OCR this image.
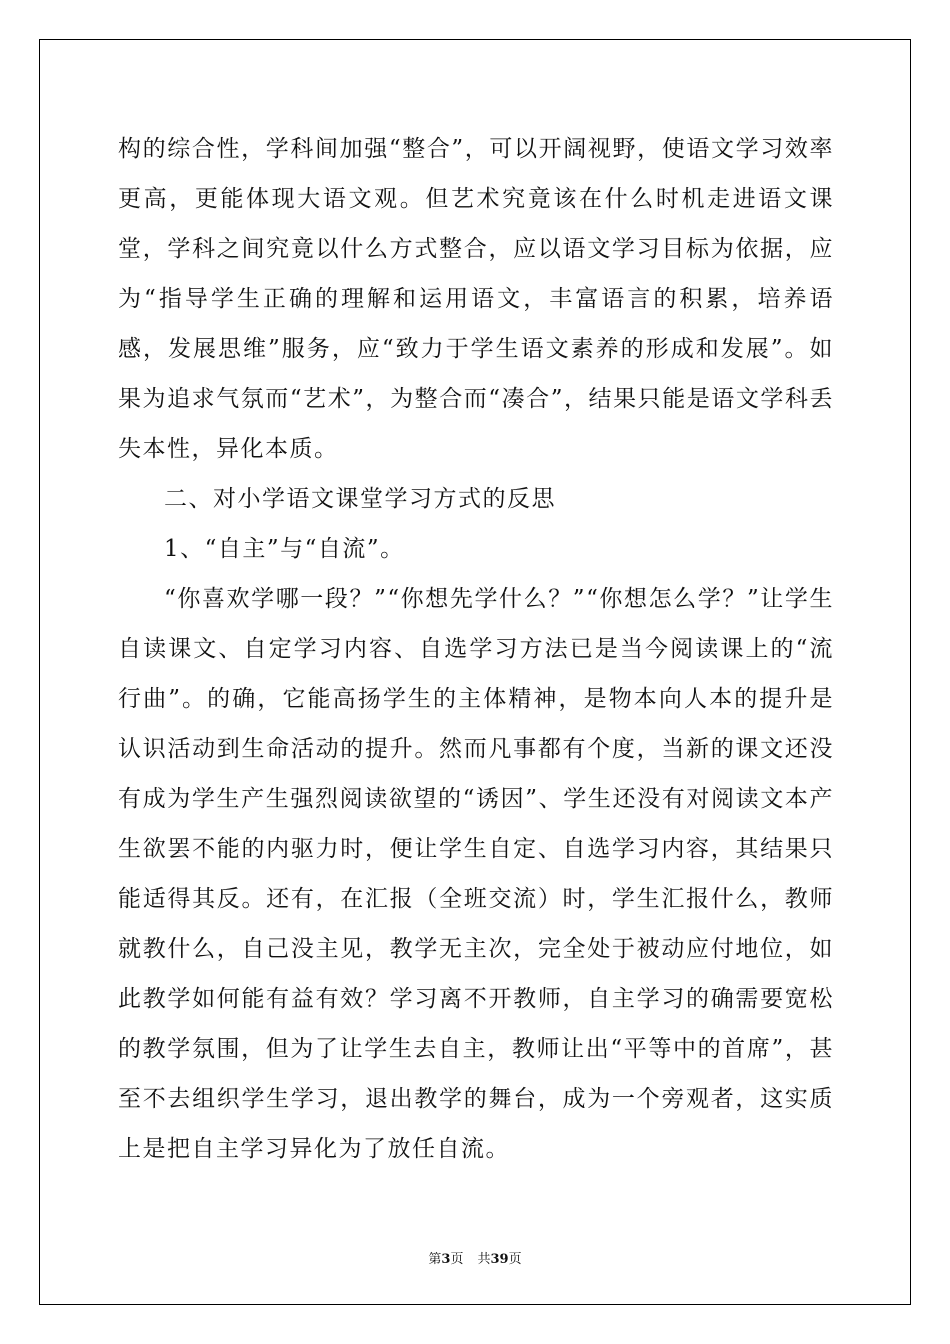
构的综合性，学科间加强“整合”，可以开阔视野，使语文学习效率更高，更能体现大语文观。但艺术究竟该在什么时机走进语文课堂，学科之间究竟以什么方式整合，应以语文学习目标为依据，应为“指导学生正确的理解和运用语文，丰富语言的积累，培养语感，发展思维”服务，应“致力于学生语文素养的形成和发展”。如果为追求气氛而“艺术”，为整合而“凑合”，结果只能是语文学科丢失本性，异化本质。

二、对小学语文课堂学习方式的反思

1、“自主”与“自流”。

“你喜欢学哪一段？”“你想先学什么？”“你想怎么学？”让学生自读课文、自定学习内容、自选学习方法已是当今阅读课上的“流行曲”。的确，它能高扬学生的主体精神，是物本向人本的提升是认识活动到生命活动的提升。然而凡事都有个度，当新的课文还没有成为学生产生强烈阅读欲望的“诱因”、学生还没有对阅读文本产生欲罢不能的内驱力时，便让学生自定、自选学习内容，其结果只能适得其反。还有，在汇报（全班交流）时，学生汇报什么，教师就教什么，自己没主见，教学无主次，完全处于被动应付地位，如此教学如何能有益有效？学习离不开教师，自主学习的确需要宽松的教学氛围，但为了让学生去自主，教师让出“平等中的首席”，甚至不去组织学生学习，退出教学的舞台，成为一个旁观者，这实质上是把自主学习异化为了放任自流。

第3页 共39页
